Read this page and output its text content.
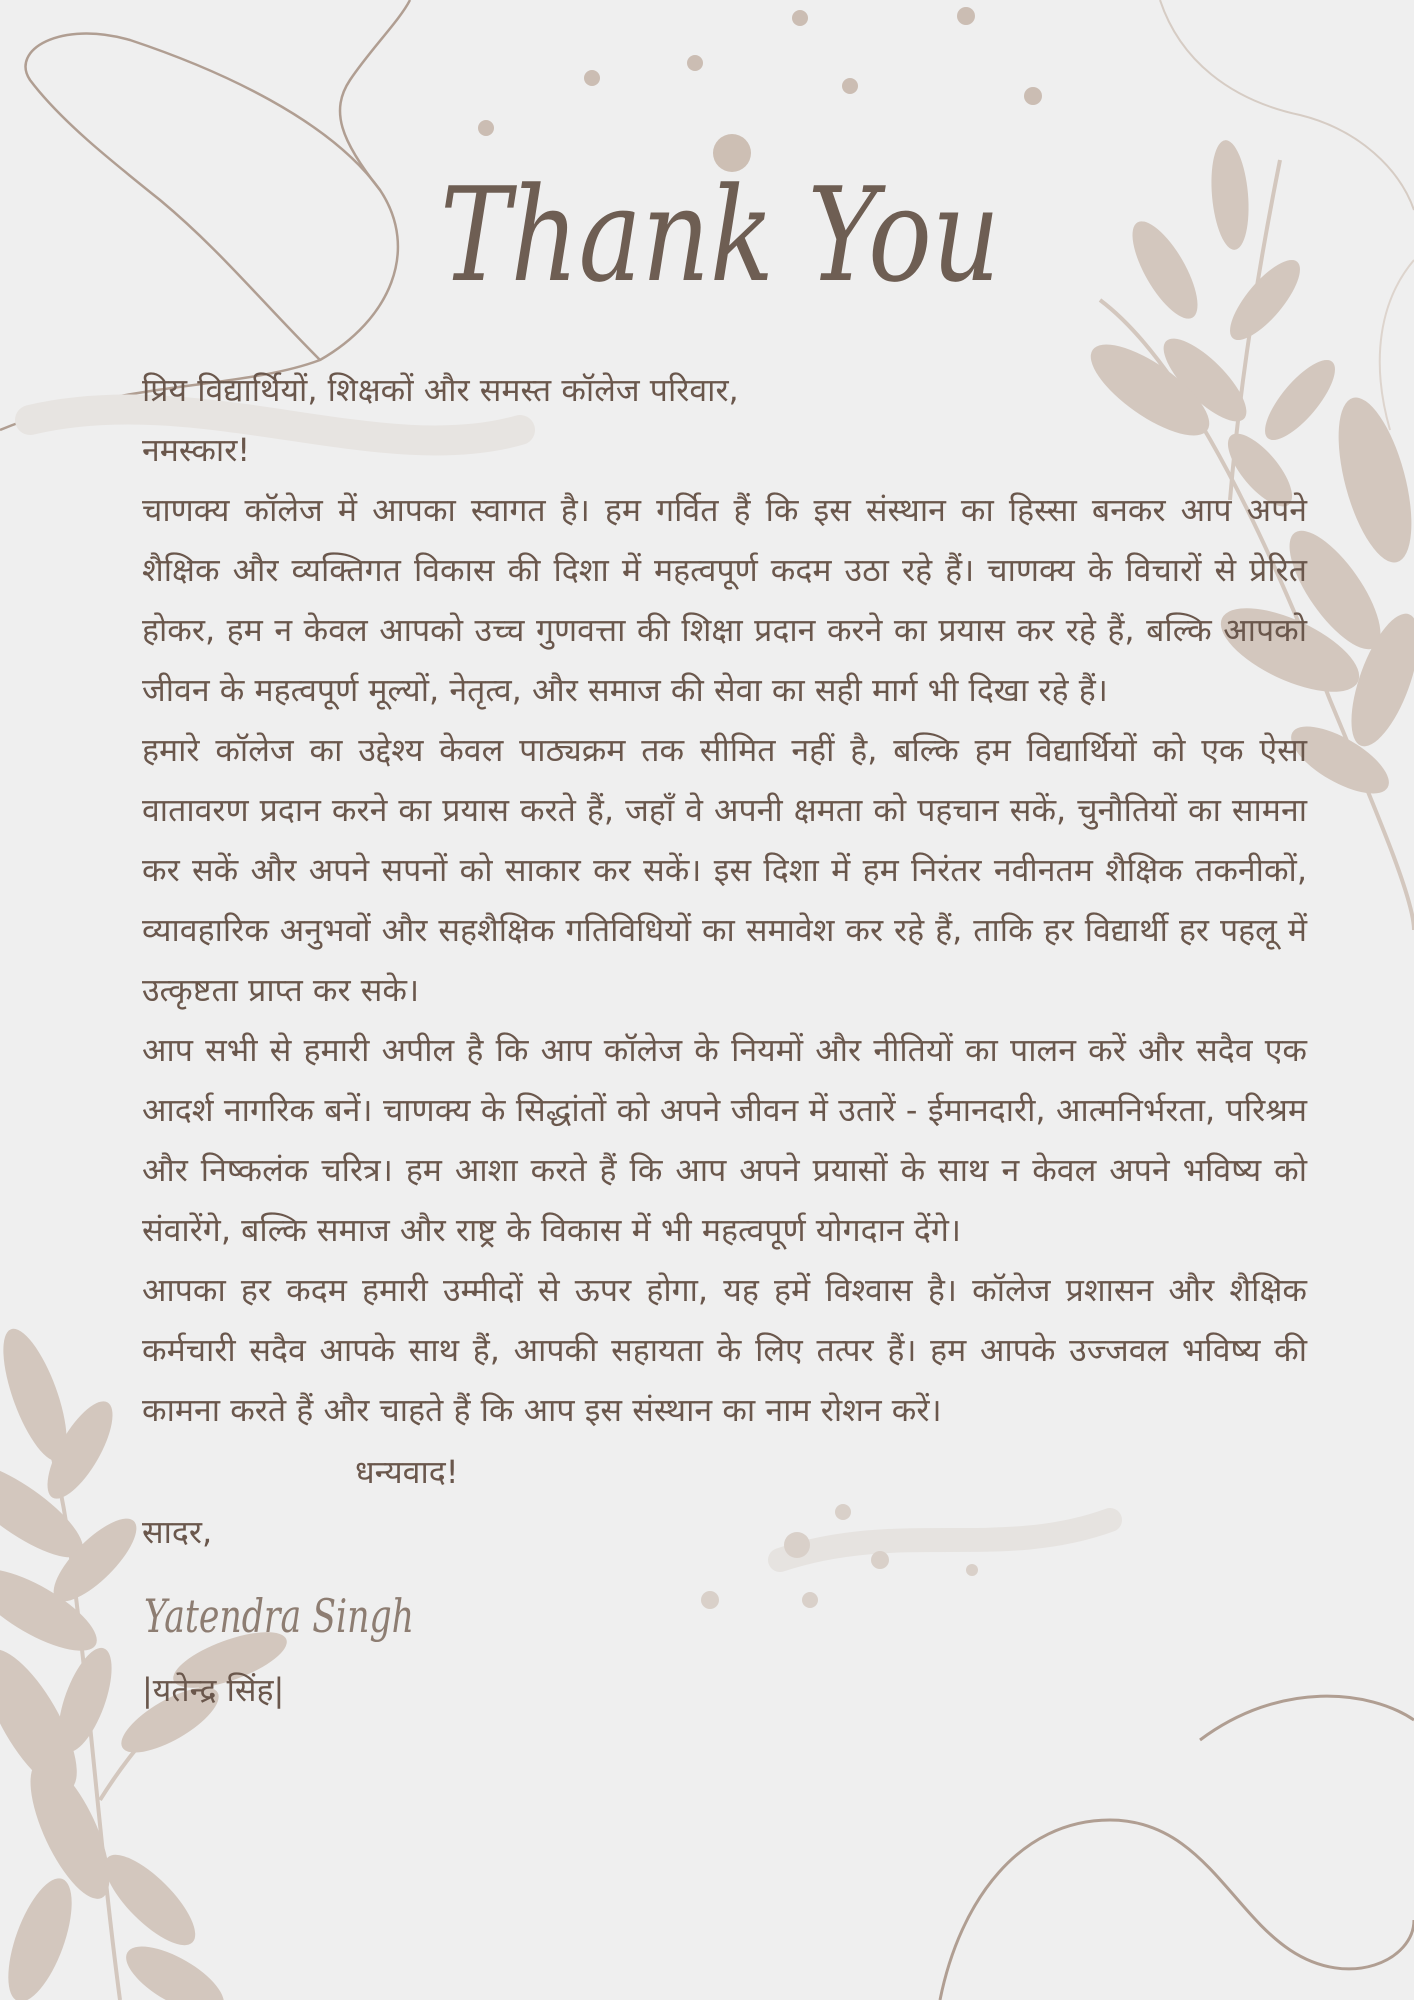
Thank You

प्रिय विद्यार्थियों, शिक्षकों और समस्त कॉलेज परिवार,

नमस्कार!

चाणक्य कॉलेज में आपका स्वागत है। हम गर्वित हैं कि इस संस्थान का हिस्सा बनकर आप अपने शैक्षिक और व्यक्तिगत विकास की दिशा में महत्वपूर्ण कदम उठा रहे हैं। चाणक्य के विचारों से प्रेरित होकर, हम न केवल आपको उच्च गुणवत्ता की शिक्षा प्रदान करने का प्रयास कर रहे हैं, बल्कि आपको जीवन के महत्वपूर्ण मूल्यों, नेतृत्व, और समाज की सेवा का सही मार्ग भी दिखा रहे हैं।

हमारे कॉलेज का उद्देश्य केवल पाठ्यक्रम तक सीमित नहीं है, बल्कि हम विद्यार्थियों को एक ऐसा वातावरण प्रदान करने का प्रयास करते हैं, जहाँ वे अपनी क्षमता को पहचान सकें, चुनौतियों का सामना कर सकें और अपने सपनों को साकार कर सकें। इस दिशा में हम निरंतर नवीनतम शैक्षिक तकनीकों, व्यावहारिक अनुभवों और सहशैक्षिक गतिविधियों का समावेश कर रहे हैं, ताकि हर विद्यार्थी हर पहलू में उत्कृष्टता प्राप्त कर सके।

आप सभी से हमारी अपील है कि आप कॉलेज के नियमों और नीतियों का पालन करें और सदैव एक आदर्श नागरिक बनें। चाणक्य के सिद्धांतों को अपने जीवन में उतारें - ईमानदारी, आत्मनिर्भरता, परिश्रम और निष्कलंक चरित्र। हम आशा करते हैं कि आप अपने प्रयासों के साथ न केवल अपने भविष्य को संवारेंगे, बल्कि समाज और राष्ट्र के विकास में भी महत्वपूर्ण योगदान देंगे।

आपका हर कदम हमारी उम्मीदों से ऊपर होगा, यह हमें विश्वास है। कॉलेज प्रशासन और शैक्षिक कर्मचारी सदैव आपके साथ हैं, आपकी सहायता के लिए तत्पर हैं। हम आपके उज्जवल भविष्य की कामना करते हैं और चाहते हैं कि आप इस संस्थान का नाम रोशन करें।

धन्यवाद!

सादर,

Yatendra Singh

|यतेन्द्र सिंह|
